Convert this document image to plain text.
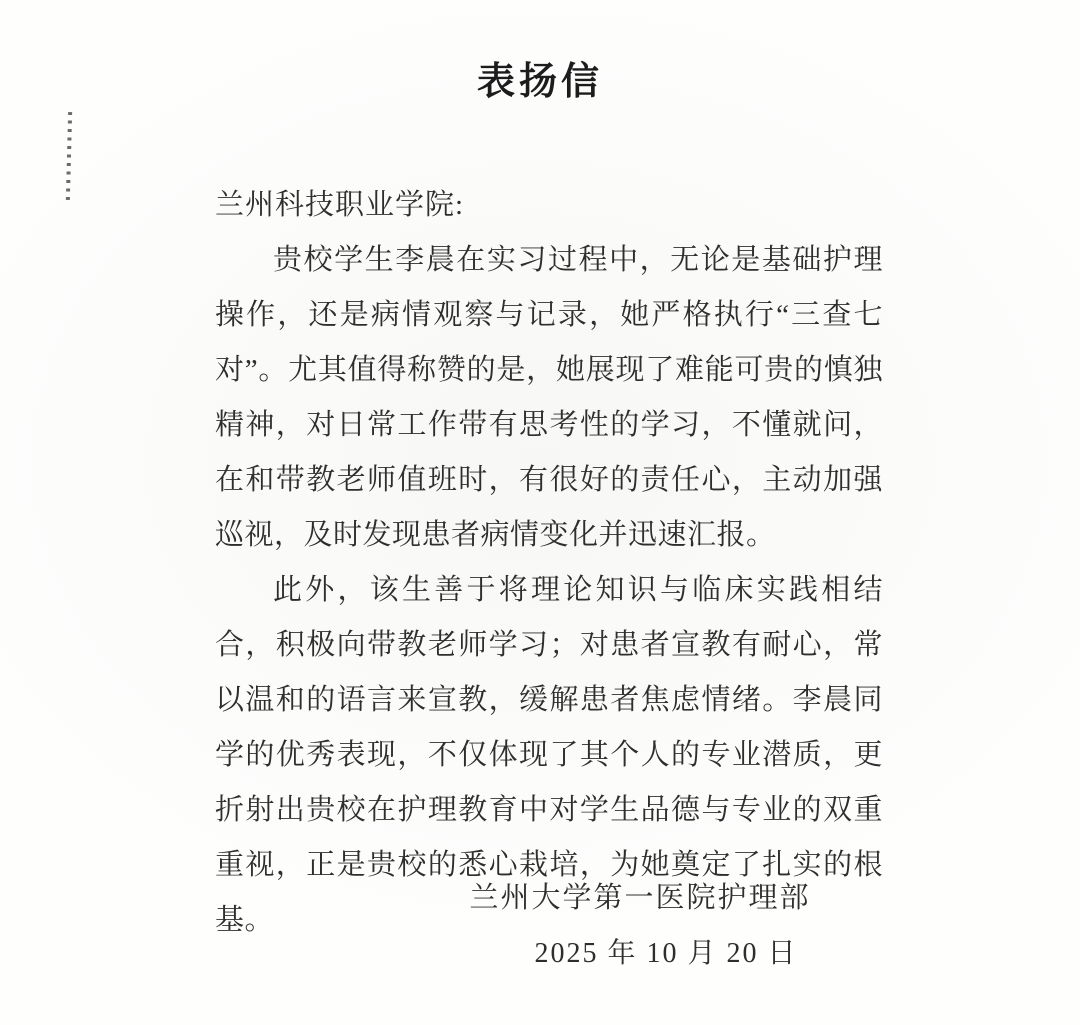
表扬信
兰州科技职业学院:

贵校学生李晨在实习过程中，无论是基础护理操作，还是病情观察与记录，她严格执行“三查七对”。尤其值得称赞的是，她展现了难能可贵的慎独精神，对日常工作带有思考性的学习，不懂就问，在和带教老师值班时，有很好的责任心，主动加强巡视，及时发现患者病情变化并迅速汇报。

此外，该生善于将理论知识与临床实践相结合，积极向带教老师学习；对患者宣教有耐心，常以温和的语言来宣教，缓解患者焦虑情绪。李晨同学的优秀表现，不仅体现了其个人的专业潜质，更折射出贵校在护理教育中对学生品德与专业的双重重视，正是贵校的悉心栽培，为她奠定了扎实的根基。

兰州大学第一医院护理部
2025 年 10 月 20 日
